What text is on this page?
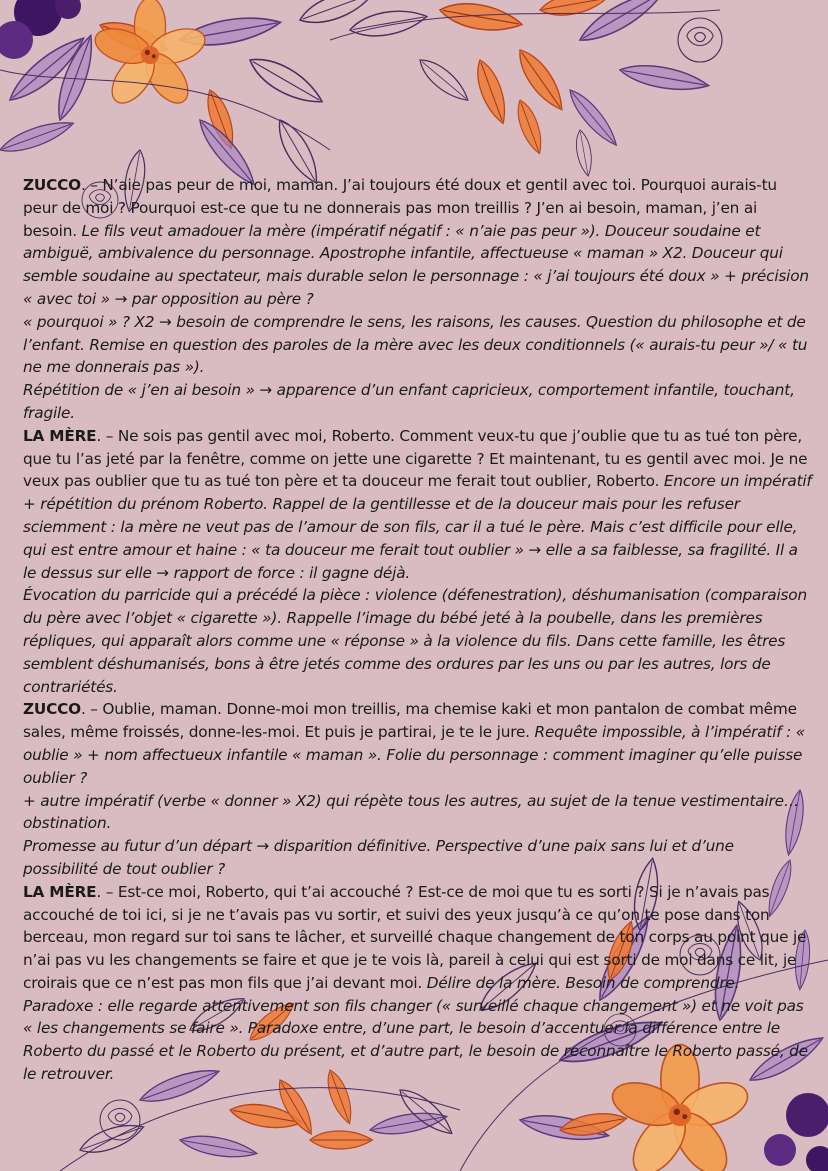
ZUCCO. – N’aie pas peur de moi, maman. J’ai toujours été doux et gentil avec toi. Pourquoi aurais-tu peur de moi ? Pourquoi est-ce que tu ne donnerais pas mon treillis ? J’en ai besoin, maman, j’en ai besoin. Le fils veut amadouer la mère (impératif négatif : « n’aie pas peur »). Douceur soudaine et ambiguë, ambivalence du personnage. Apostrophe infantile, affectueuse « maman » X2. Douceur qui semble soudaine au spectateur, mais durable selon le personnage : « j’ai toujours été doux » + précision « avec toi » → par opposition au père ?

« pourquoi » ? X2 → besoin de comprendre le sens, les raisons, les causes. Question du philosophe et de l’enfant. Remise en question des paroles de la mère avec les deux conditionnels (« aurais-tu peur »/ « tu ne me donnerais pas »).

Répétition de « j’en ai besoin » → apparence d’un enfant capricieux, comportement infantile, touchant, fragile.

LA MÈRE. – Ne sois pas gentil avec moi, Roberto. Comment veux-tu que j’oublie que tu as tué ton père, que tu l’as jeté par la fenêtre, comme on jette une cigarette ? Et maintenant, tu es gentil avec moi. Je ne veux pas oublier que tu as tué ton père et ta douceur me ferait tout oublier, Roberto. Encore un impératif + répétition du prénom Roberto. Rappel de la gentillesse et de la douceur mais pour les refuser sciemment : la mère ne veut pas de l’amour de son fils, car il a tué le père. Mais c’est difficile pour elle, qui est entre amour et haine : « ta douceur me ferait tout oublier » → elle a sa faiblesse, sa fragilité. Il a le dessus sur elle → rapport de force : il gagne déjà.

Évocation du parricide qui a précédé la pièce : violence (défenestration), déshumanisation (comparaison du père avec l’objet « cigarette »). Rappelle l’image du bébé jeté à la poubelle, dans les premières répliques, qui apparaît alors comme une « réponse » à la violence du fils. Dans cette famille, les êtres semblent déshumanisés, bons à être jetés comme des ordures par les uns ou par les autres, lors de contrariétés.

ZUCCO. – Oublie, maman. Donne-moi mon treillis, ma chemise kaki et mon pantalon de combat même sales, même froissés, donne-les-moi. Et puis je partirai, je te le jure. Requête impossible, à l’impératif : « oublie » + nom affectueux infantile « maman ». Folie du personnage : comment imaginer qu’elle puisse oublier ?

+ autre impératif (verbe « donner » X2) qui répète tous les autres, au sujet de la tenue vestimentaire… obstination.

Promesse au futur d’un départ → disparition définitive. Perspective d’une paix sans lui et d’une possibilité de tout oublier ?

LA MÈRE. – Est-ce moi, Roberto, qui t’ai accouché ? Est-ce de moi que tu es sorti ? Si je n’avais pas accouché de toi ici, si je ne t’avais pas vu sortir, et suivi des yeux jusqu’à ce qu’on te pose dans ton berceau, mon regard sur toi sans te lâcher, et surveillé chaque changement de ton corps au point que je n’ai pas vu les changements se faire et que je te vois là, pareil à celui qui est sorti de moi dans ce lit, je croirais que ce n’est pas mon fils que j’ai devant moi. Délire de la mère. Besoin de comprendre. Paradoxe : elle regarde attentivement son fils changer (« surveillé chaque changement ») et ne voit pas « les changements se faire ». Paradoxe entre, d’une part, le besoin d’accentuer la différence entre le Roberto du passé et le Roberto du présent, et d’autre part, le besoin de reconnaître le Roberto passé, de le retrouver.
